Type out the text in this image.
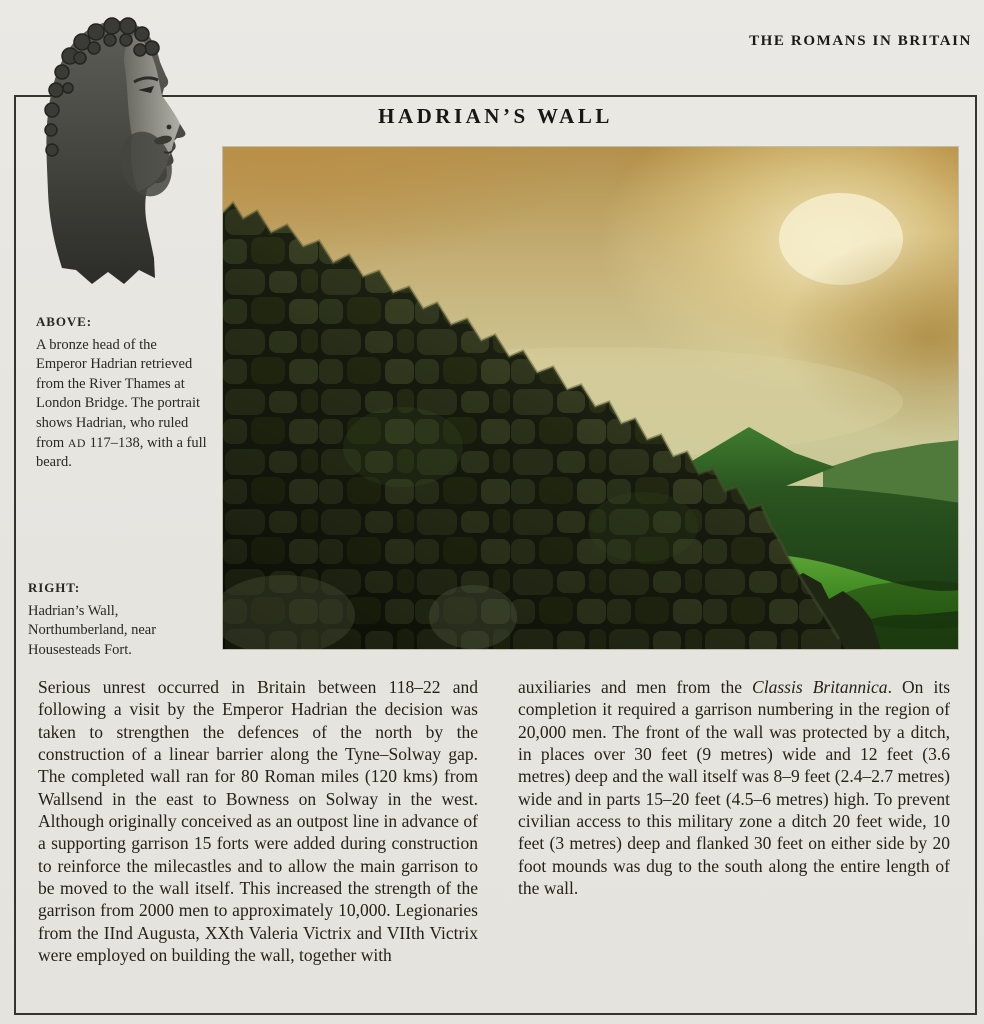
THE ROMANS IN BRITAIN
HADRIAN’S WALL
ABOVE:
A bronze head of the Emperor Hadrian retrieved from the River Thames at London Bridge. The portrait shows Hadrian, who ruled from AD 117–138, with a full beard.
RIGHT:
Hadrian’s Wall, Northumberland, near Housesteads Fort.
Serious unrest occurred in Britain between 118–22 and following a visit by the Emperor Hadrian the decision was taken to strengthen the defences of the north by the construction of a linear barrier along the Tyne–Solway gap. The completed wall ran for 80 Roman miles (120 kms) from Wallsend in the east to Bowness on Solway in the west. Although originally conceived as an outpost line in advance of a supporting garrison 15 forts were added during construction to reinforce the milecastles and to allow the main garrison to be moved to the wall itself. This increased the strength of the garrison from 2000 men to approximately 10,000. Legionaries from the IInd Augusta, XXth Valeria Victrix and VIIth Victrix were employed on building the wall, together with
auxiliaries and men from the Classis Britannica. On its completion it required a garrison numbering in the region of 20,000 men. The front of the wall was protected by a ditch, in places over 30 feet (9 metres) wide and 12 feet (3.6 metres) deep and the wall itself was 8–9 feet (2.4–2.7 metres) wide and in parts 15–20 feet (4.5–6 metres) high. To prevent civilian access to this military zone a ditch 20 feet wide, 10 feet (3 metres) deep and flanked 30 feet on either side by 20 foot mounds was dug to the south along the entire length of the wall.
